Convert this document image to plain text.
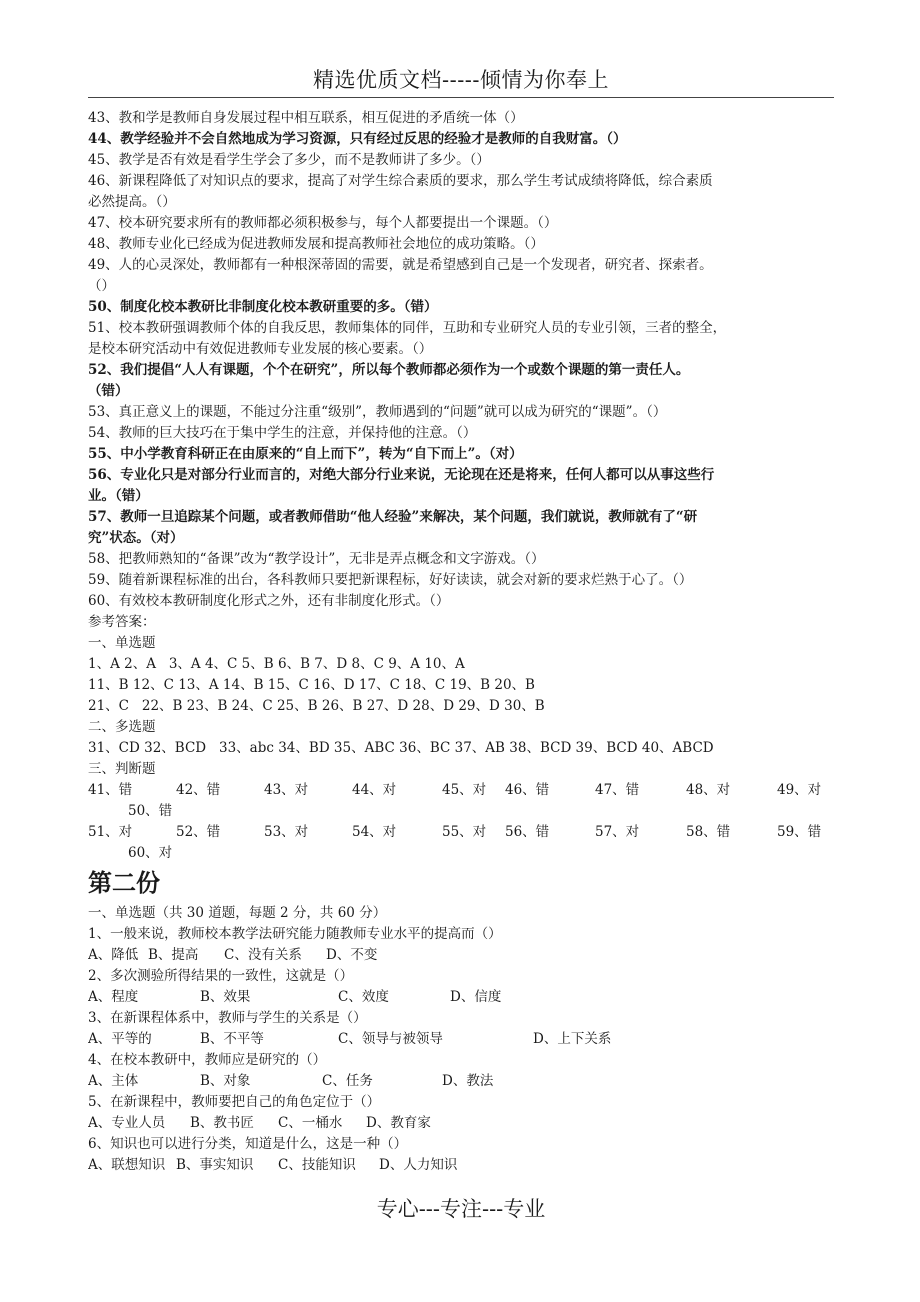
精选优质文档-----倾情为你奉上
43、教和学是教师自身发展过程中相互联系，相互促进的矛盾统一体（）
44、教学经验并不会自然地成为学习资源，只有经过反思的经验才是教师的自我财富。（）
45、教学是否有效是看学生学会了多少，而不是教师讲了多少。（）
46、新课程降低了对知识点的要求，提高了对学生综合素质的要求，那么学生考试成绩将降低，综合素质
必然提高。（）
47、校本研究要求所有的教师都必须积极参与，每个人都要提出一个课题。（）
48、教师专业化已经成为促进教师发展和提高教师社会地位的成功策略。（）
49、人的心灵深处，教师都有一种根深蒂固的需要，就是希望感到自己是一个发现者，研究者、探索者。
（）
50、制度化校本教研比非制度化校本教研重要的多。（错）
51、校本教研强调教师个体的自我反思，教师集体的同伴，互助和专业研究人员的专业引领，三者的整全，
是校本研究活动中有效促进教师专业发展的核心要素。（）
52、我们提倡“人人有课题，个个在研究”，所以每个教师都必须作为一个或数个课题的第一责任人。
（错）
53、真正意义上的课题，不能过分注重“级别”，教师遇到的“问题”就可以成为研究的“课题”。（）
54、教师的巨大技巧在于集中学生的注意，并保持他的注意。（）
55、中小学教育科研正在由原来的“自上而下”，转为“自下而上”。（对）
56、专业化只是对部分行业而言的，对绝大部分行业来说，无论现在还是将来，任何人都可以从事这些行
业。（错）
57、教师一旦追踪某个问题，或者教师借助“他人经验”来解决，某个问题，我们就说，教师就有了“研
究”状态。（对）
58、把教师熟知的“备课”改为“教学设计”，无非是弄点概念和文字游戏。（）
59、随着新课程标准的出台，各科教师只要把新课程标，好好读读，就会对新的要求烂熟于心了。（）
60、有效校本教研制度化形式之外，还有非制度化形式。（）
参考答案：
一、单选题
1、A 2、A   3、A 4、C 5、B 6、B 7、D 8、C 9、A 10、A
11、B 12、C 13、A 14、B 15、C 16、D 17、C 18、C 19、B 20、B
21、C   22、B 23、B 24、C 25、B 26、B 27、D 28、D 29、D 30、B
二、多选题
31、CD 32、BCD   33、abc 34、BD 35、ABC 36、BC 37、AB 38、BCD 39、BCD 40、ABCD
三、判断题
41、错	42、错	43、对	44、对	45、对 46、错	47、错	48、对	49、对
50、错
51、对	52、错	53、对	54、对	55、对 56、错	57、对	58、错	59、错
60、对
第二份
一、单选题（共 30 道题，每题 2 分，共 60 分）
1、一般来说，教师校本教学法研究能力随教师专业水平的提高而（）
A、降低 B、提高 C、没有关系 D、不变
2、多次测验所得结果的一致性，这就是（）
A、程度	B、效果	C、效度	D、信度
3、在新课程体系中，教师与学生的关系是（）
A、平等的	B、不平等	C、领导与被领导	D、上下关系
4、在校本教研中，教师应是研究的（）
A、主体	B、对象	C、任务	D、教法
5、在新课程中，教师要把自己的角色定位于（）
A、专业人员 B、教书匠 C、一桶水 D、教育家
6、知识也可以进行分类，知道是什么，这是一种（）
A、联想知识 B、事实知识 C、技能知识 D、人力知识
专心---专注---专业
